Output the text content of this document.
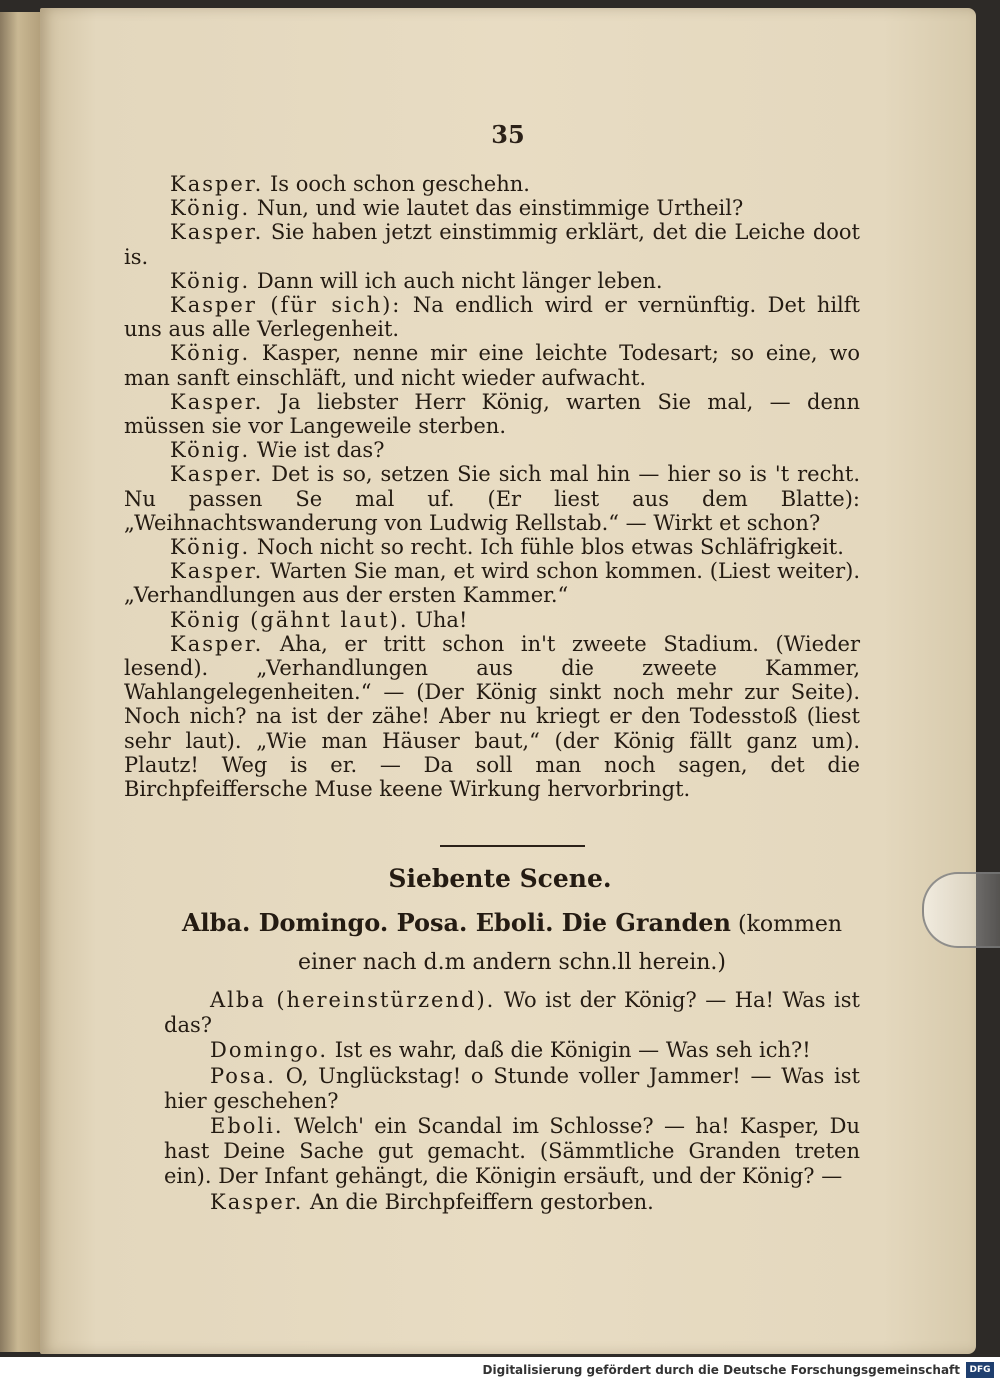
35

Kasper. Is ooch schon geschehn.

König. Nun, und wie lautet das einstimmige Urtheil?

Kasper. Sie haben jetzt einstimmig erklärt, det die Leiche doot is.

König. Dann will ich auch nicht länger leben.

Kasper (für sich): Na endlich wird er vernünftig. Det hilft uns aus alle Verlegenheit.

König. Kasper, nenne mir eine leichte Todesart; so eine, wo man sanft einschläft, und nicht wieder aufwacht.

Kasper. Ja liebster Herr König, warten Sie mal, — denn müssen sie vor Langeweile sterben.

König. Wie ist das?

Kasper. Det is so, setzen Sie sich mal hin — hier so is 't recht. Nu passen Se mal uf. (Er liest aus dem Blatte): „Weihnachtswanderung von Ludwig Rellstab.“ — Wirkt et schon?

König. Noch nicht so recht. Ich fühle blos etwas Schläfrigkeit.

Kasper. Warten Sie man, et wird schon kommen. (Liest weiter). „Verhandlungen aus der ersten Kammer.“

König (gähnt laut). Uha!

Kasper. Aha, er tritt schon in't zweete Stadium. (Wieder lesend). „Verhandlungen aus die zweete Kammer, Wahlangelegenheiten.“ — (Der König sinkt noch mehr zur Seite). Noch nich? na ist der zähe! Aber nu kriegt er den Todesstoß (liest sehr laut). „Wie man Häuser baut,“ (der König fällt ganz um). Plautz! Weg is er. — Da soll man noch sagen, det die Birchpfeiffersche Muse keene Wirkung hervorbringt.

Siebente Scene.
Alba. Domingo. Posa. Eboli. Die Granden (kommen einer nach d.m andern schn.ll herein.)

Alba (hereinstürzend). Wo ist der König? — Ha! Was ist das?

Domingo. Ist es wahr, daß die Königin — Was seh ich?!

Posa. O, Unglückstag! o Stunde voller Jammer! — Was ist hier geschehen?

Eboli. Welch' ein Scandal im Schlosse? — ha! Kasper, Du hast Deine Sache gut gemacht. (Sämmtliche Granden treten ein). Der Infant gehängt, die Königin ersäuft, und der König? —

Kasper. An die Birchpfeiffern gestorben.

Digitalisierung gefördert durch die Deutsche Forschungsgemeinschaft	DFG
